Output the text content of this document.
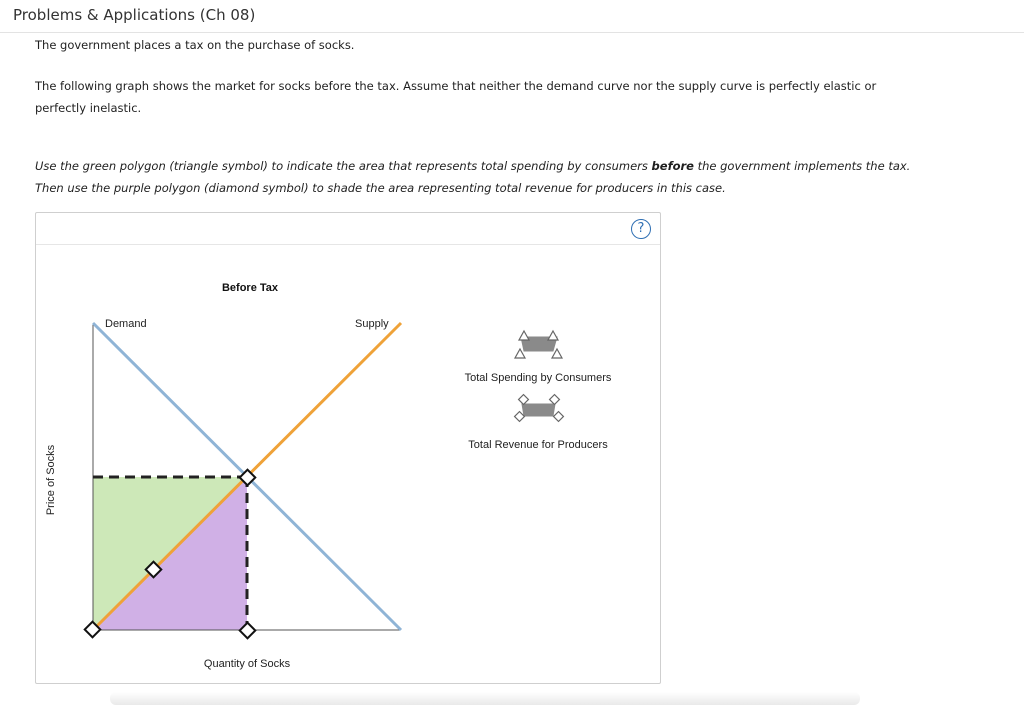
Problems & Applications (Ch 08)
The government places a tax on the purchase of socks.
The following graph shows the market for socks before the tax. Assume that neither the demand curve nor the supply curve is perfectly elastic or perfectly inelastic.
Use the green polygon (triangle symbol) to indicate the area that represents total spending by consumers before the government implements the tax.
Then use the purple polygon (diamond symbol) to shade the area representing total revenue for producers in this case.
?
Before Tax
Demand	Supply
Quantity of Socks
Price of Socks
Total Spending by Consumers
Total Revenue for Producers
